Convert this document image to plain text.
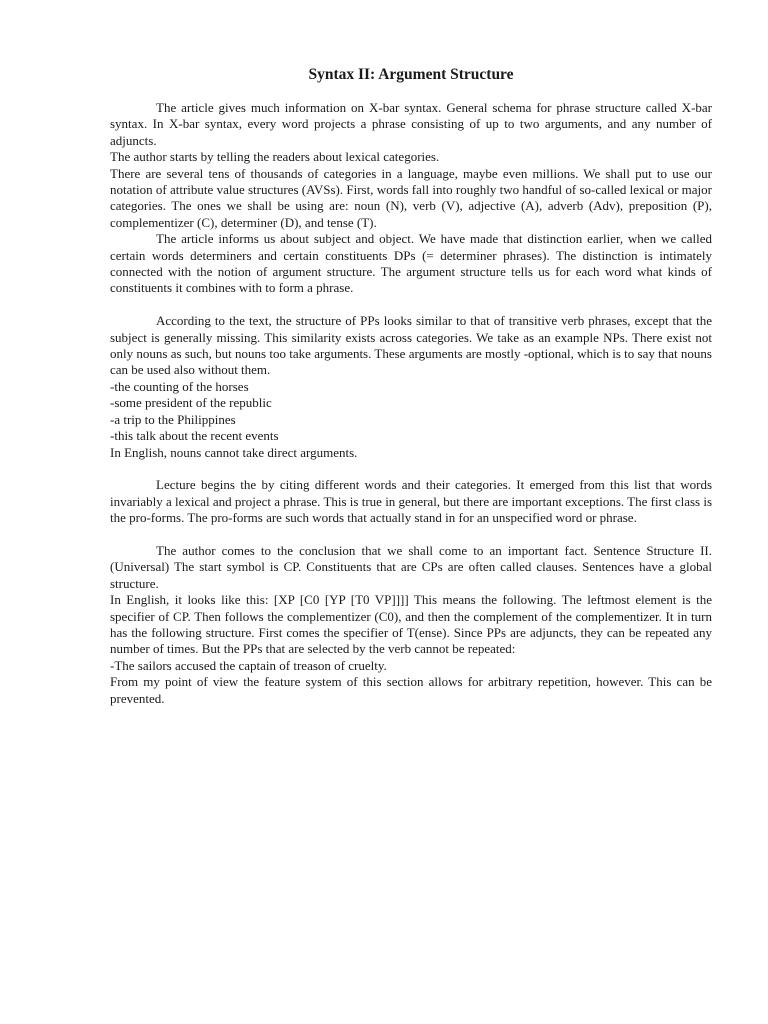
Syntax II: Argument Structure

The article gives much information on X-bar syntax. General schema for phrase structure called X-bar syntax. In X-bar syntax, every word projects a phrase consisting of up to two arguments, and any number of adjuncts.

The author starts by telling the readers about lexical categories.

There are several tens of thousands of categories in a language, maybe even millions. We shall put to use our notation of attribute value structures (AVSs). First, words fall into roughly two handful of so-called lexical or major categories. The ones we shall be using are: noun (N), verb (V), adjective (A), adverb (Adv), preposition (P), complementizer (C), determiner (D), and tense (T).

The article informs us about subject and object. We have made that distinction earlier, when we called certain words determiners and certain constituents DPs (= determiner phrases). The distinction is intimately connected with the notion of argument structure. The argument structure tells us for each word what kinds of constituents it combines with to form a phrase.

According to the text, the structure of PPs looks similar to that of transitive verb phrases, except that the subject is generally missing. This similarity exists across categories. We take as an example NPs. There exist not only nouns as such, but nouns too take arguments. These arguments are mostly -optional, which is to say that nouns can be used also without them.

-the counting of the horses

-some president of the republic

-a trip to the Philippines

-this talk about the recent events

In English, nouns cannot take direct arguments.

Lecture begins the by citing different words and their categories. It emerged from this list that words invariably a lexical and project a phrase. This is true in general, but there are important exceptions. The first class is the pro-forms. The pro-forms are such words that actually stand in for an unspecified word or phrase.

The author comes to the conclusion that we shall come to an important fact. Sentence Structure II. (Universal) The start symbol is CP. Constituents that are CPs are often called clauses. Sentences have a global structure.

In English, it looks like this: [XP [C0 [YP [T0 VP]]]] This means the following. The leftmost element is the specifier of CP. Then follows the complementizer (C0), and then the complement of the complementizer. It in turn has the following structure. First comes the specifier of T(ense). Since PPs are adjuncts, they can be repeated any number of times. But the PPs that are selected by the verb cannot be repeated:

-The sailors accused the captain of treason of cruelty.

From my point of view the feature system of this section allows for arbitrary repetition, however. This can be prevented.
